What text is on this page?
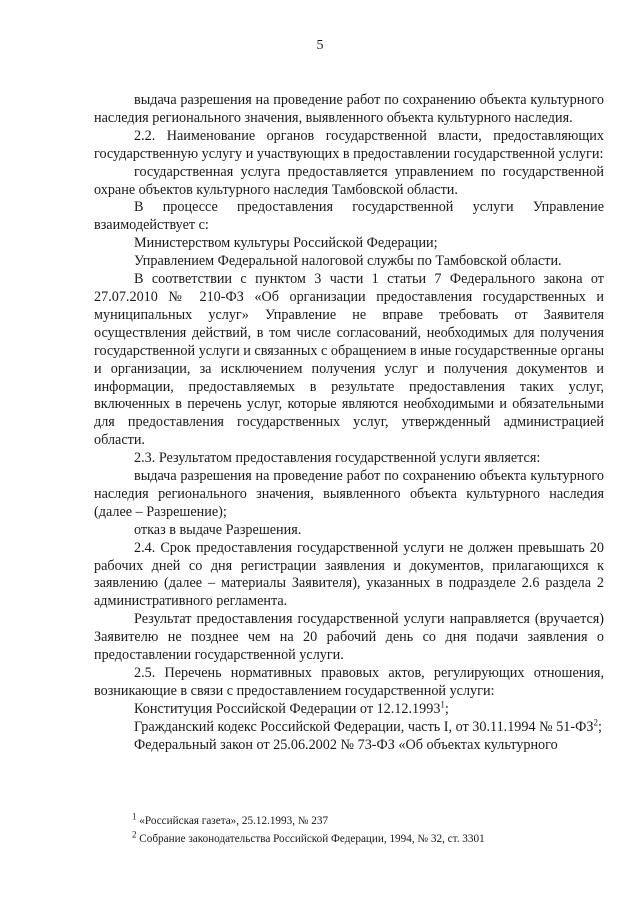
5

выдача разрешения на проведение работ по сохранению объекта культурного наследия регионального значения, выявленного объекта культурного наследия.

2.2. Наименование органов государственной власти, предоставляющих государственную услугу и участвующих в предоставлении государственной услуги:

государственная услуга предоставляется управлением по государственной охране объектов культурного наследия Тамбовской области.

В процессе предоставления государственной услуги Управление взаимодействует с:

Министерством культуры Российской Федерации;

Управлением Федеральной налоговой службы по Тамбовской области.

В соответствии с пунктом 3 части 1 статьи 7 Федерального закона от 27.07.2010 № 210-ФЗ «Об организации предоставления государственных и муниципальных услуг» Управление не вправе требовать от Заявителя осуществления действий, в том числе согласований, необходимых для получения государственной услуги и связанных с обращением в иные государственные органы и организации, за исключением получения услуг и получения документов и информации, предоставляемых в результате предоставления таких услуг, включенных в перечень услуг, которые являются необходимыми и обязательными для предоставления государственных услуг, утвержденный администрацией области.

2.3. Результатом предоставления государственной услуги является:

выдача разрешения на проведение работ по сохранению объекта культурного наследия регионального значения, выявленного объекта культурного наследия (далее – Разрешение);

отказ в выдаче Разрешения.

2.4. Срок предоставления государственной услуги не должен превышать 20 рабочих дней со дня регистрации заявления и документов, прилагающихся к заявлению (далее – материалы Заявителя), указанных в подразделе 2.6 раздела 2 административного регламента.

Результат предоставления государственной услуги направляется (вручается) Заявителю не позднее чем на 20 рабочий день со дня подачи заявления о предоставлении государственной услуги.

2.5. Перечень нормативных правовых актов, регулирующих отношения, возникающие в связи с предоставлением государственной услуги:

Конституция Российской Федерации от 12.12.1993$^1$;

Гражданский кодекс Российской Федерации, часть I, от 30.11.1994 № $51-ФЗ^2$;

Федеральный закон от 25.06.2002 № 73-ФЗ «Об объектах культурного

$^1$ «Российская газета», 25.12.1993, № 237
$^2$ Собрание законодательства Российской Федерации, 1994, № 32, ст. 3301
